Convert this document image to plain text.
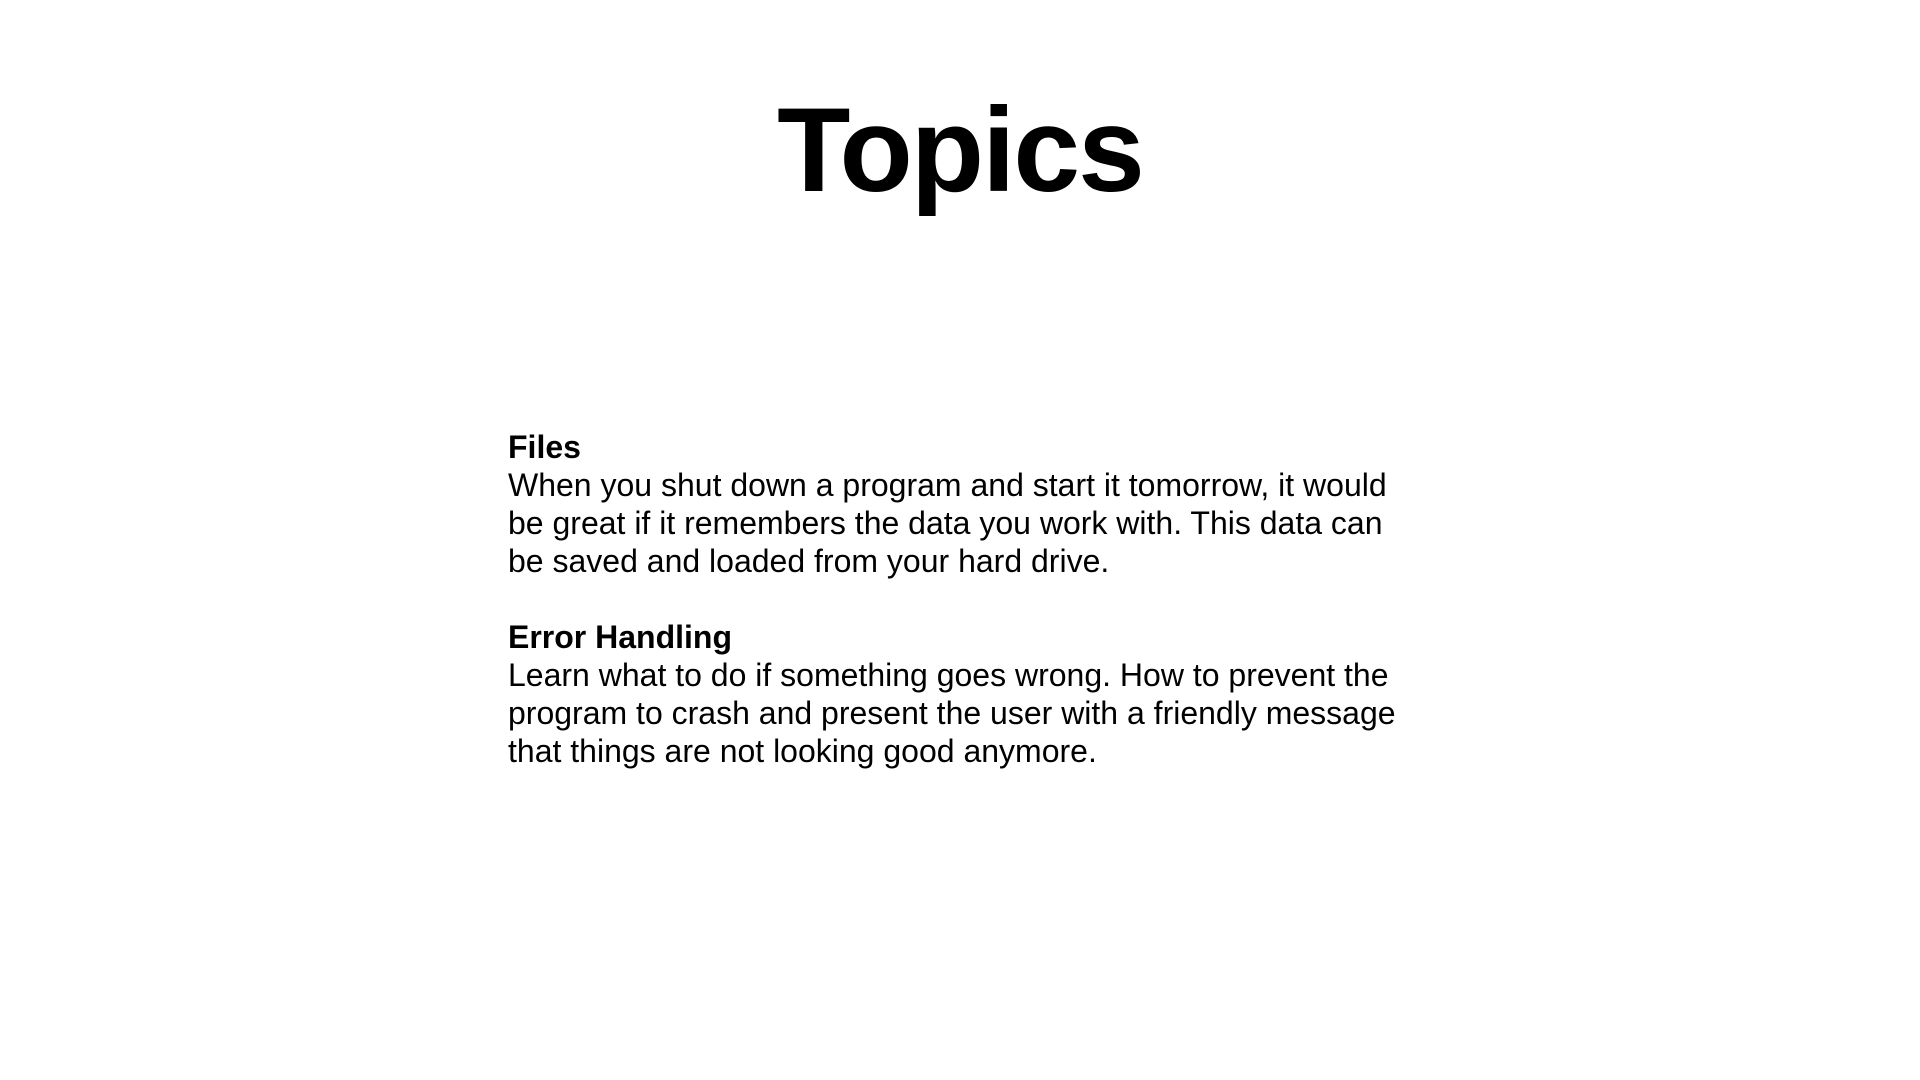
Topics

Files

When you shut down a program and start it tomorrow, it would be great if it remembers the data you work with. This data can be saved and loaded from your hard drive.

Error Handling

Learn what to do if something goes wrong. How to prevent the program to crash and present the user with a friendly message that things are not looking good anymore.
